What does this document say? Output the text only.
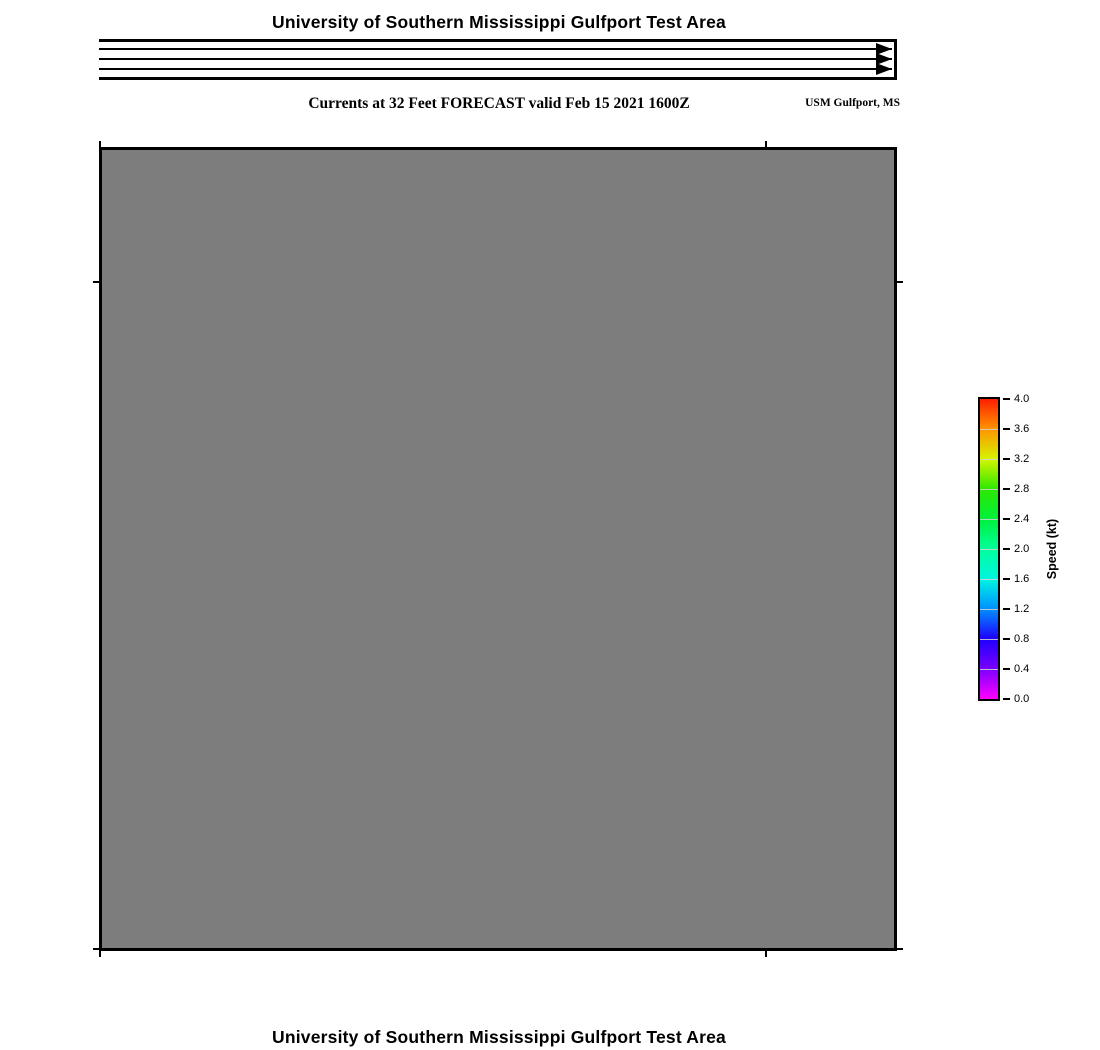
University of Southern Mississippi Gulfport Test Area
Currents at 32 Feet FORECAST valid Feb 15 2021 1600Z	USM Gulfport, MS
4.0
3.6
3.2
2.8
2.4
2.0
1.6
1.2
0.8
0.4
0.0
Speed (kt)
University of Southern Mississippi Gulfport Test Area
